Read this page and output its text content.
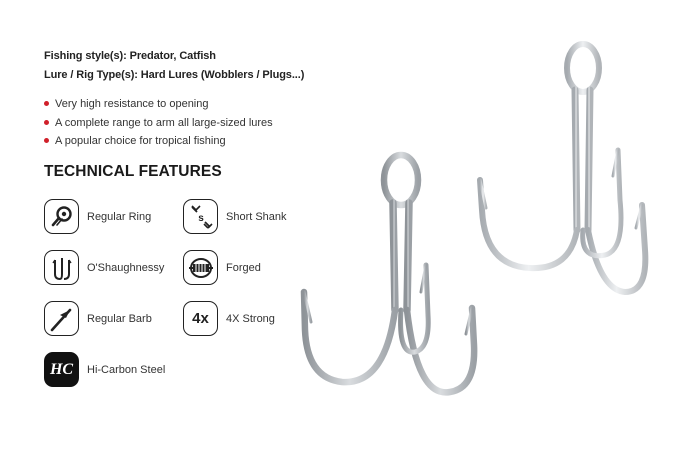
Fishing style(s): Predator, Catfish
Lure / Rig Type(s): Hard Lures (Wobblers / Plugs...)
Very high resistance to opening
A complete range to arm all large-sized lures
A popular choice for tropical fishing
TECHNICAL FEATURES
Regular Ring	s Short Shank
O'Shaughnessy	Forged
Regular Barb	4x 4X Strong
HC Hi-Carbon Steel
